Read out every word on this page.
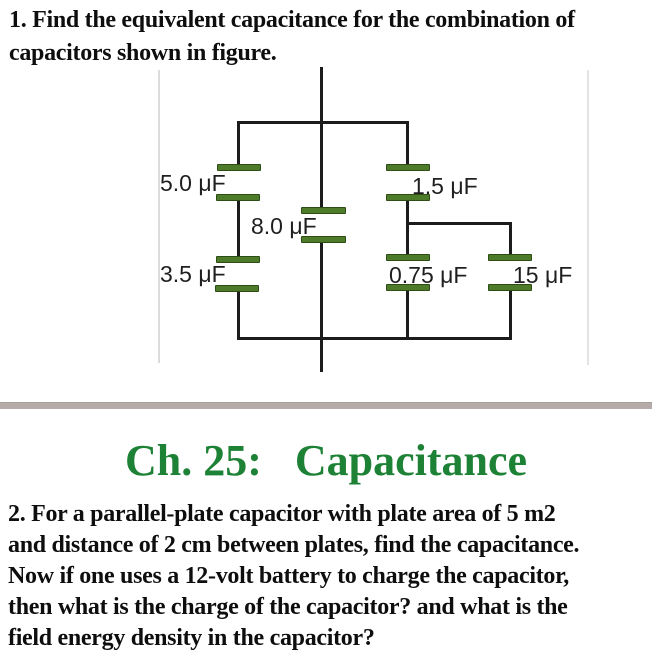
1. Find the equivalent capacitance for the combination of
capacitors shown in figure.
5.0 μF
8.0 μF
3.5 μF
1.5 μF
0.75 μF 15 μF
Ch. 25:   Capacitance
2. For a parallel-plate capacitor with plate area of 5 m2
and distance of 2 cm between plates, find the capacitance.
Now if one uses a 12-volt battery to charge the capacitor,
then what is the charge of the capacitor? and what is the
field energy density in the capacitor?
